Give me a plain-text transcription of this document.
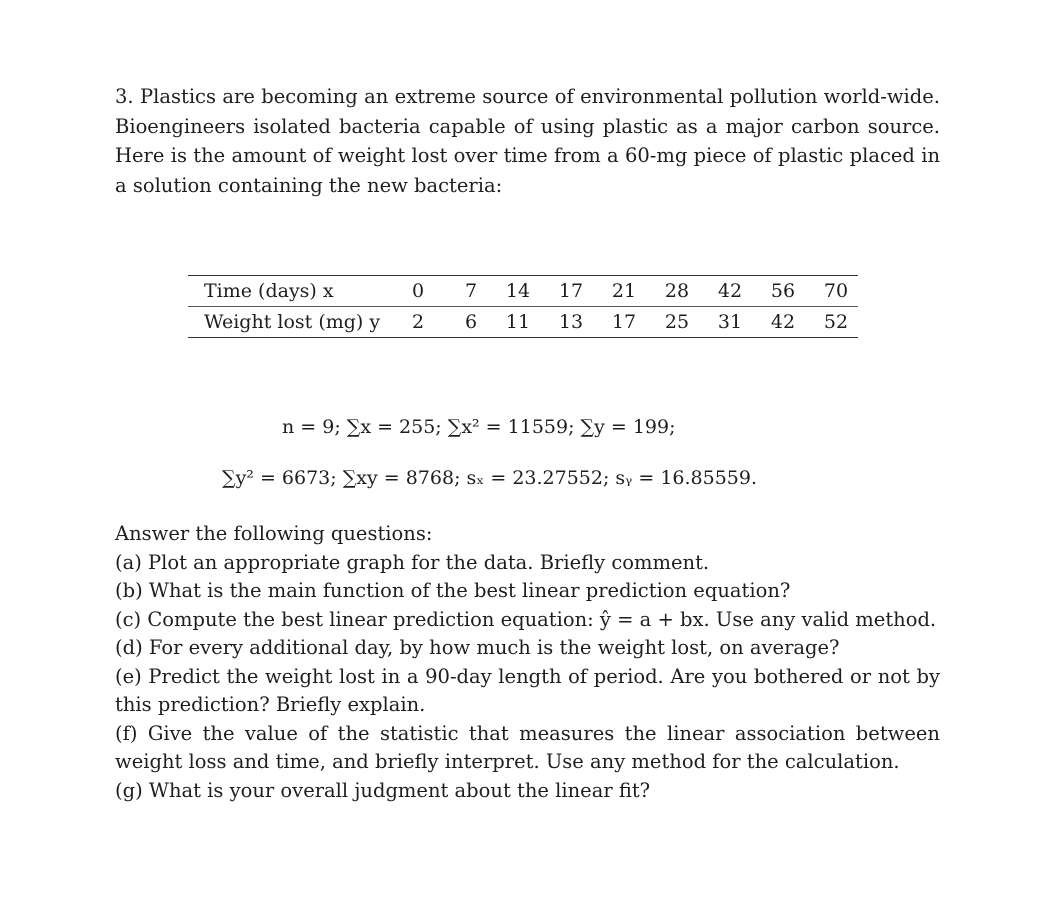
3. Plastics are becoming an extreme source of environmental pollution world-wide. Bioengineers isolated bacteria capable of using plastic as a major carbon source. Here is the amount of weight lost over time from a 60-mg piece of plastic placed in a solution containing the new bacteria:
Time (days) x	0	7	14	17	21	28	42	56	70
Weight lost (mg) y	2	6	11	13	17	25	31	42	52
n = 9; ∑x = 255; ∑x² = 11559; ∑y = 199;
∑y² = 6673; ∑xy = 8768; sₓ = 23.27552; sᵧ = 16.85559.

Answer the following questions:

(a) Plot an appropriate graph for the data. Briefly comment.

(b) What is the main function of the best linear prediction equation?

(c) Compute the best linear prediction equation: ŷ = a + bx. Use any valid method.

(d) For every additional day, by how much is the weight lost, on average?

(e) Predict the weight lost in a 90-day length of period. Are you bothered or not by this prediction? Briefly explain.

(f) Give the value of the statistic that measures the linear association between weight loss and time, and briefly interpret. Use any method for the calculation.

(g) What is your overall judgment about the linear fit?
